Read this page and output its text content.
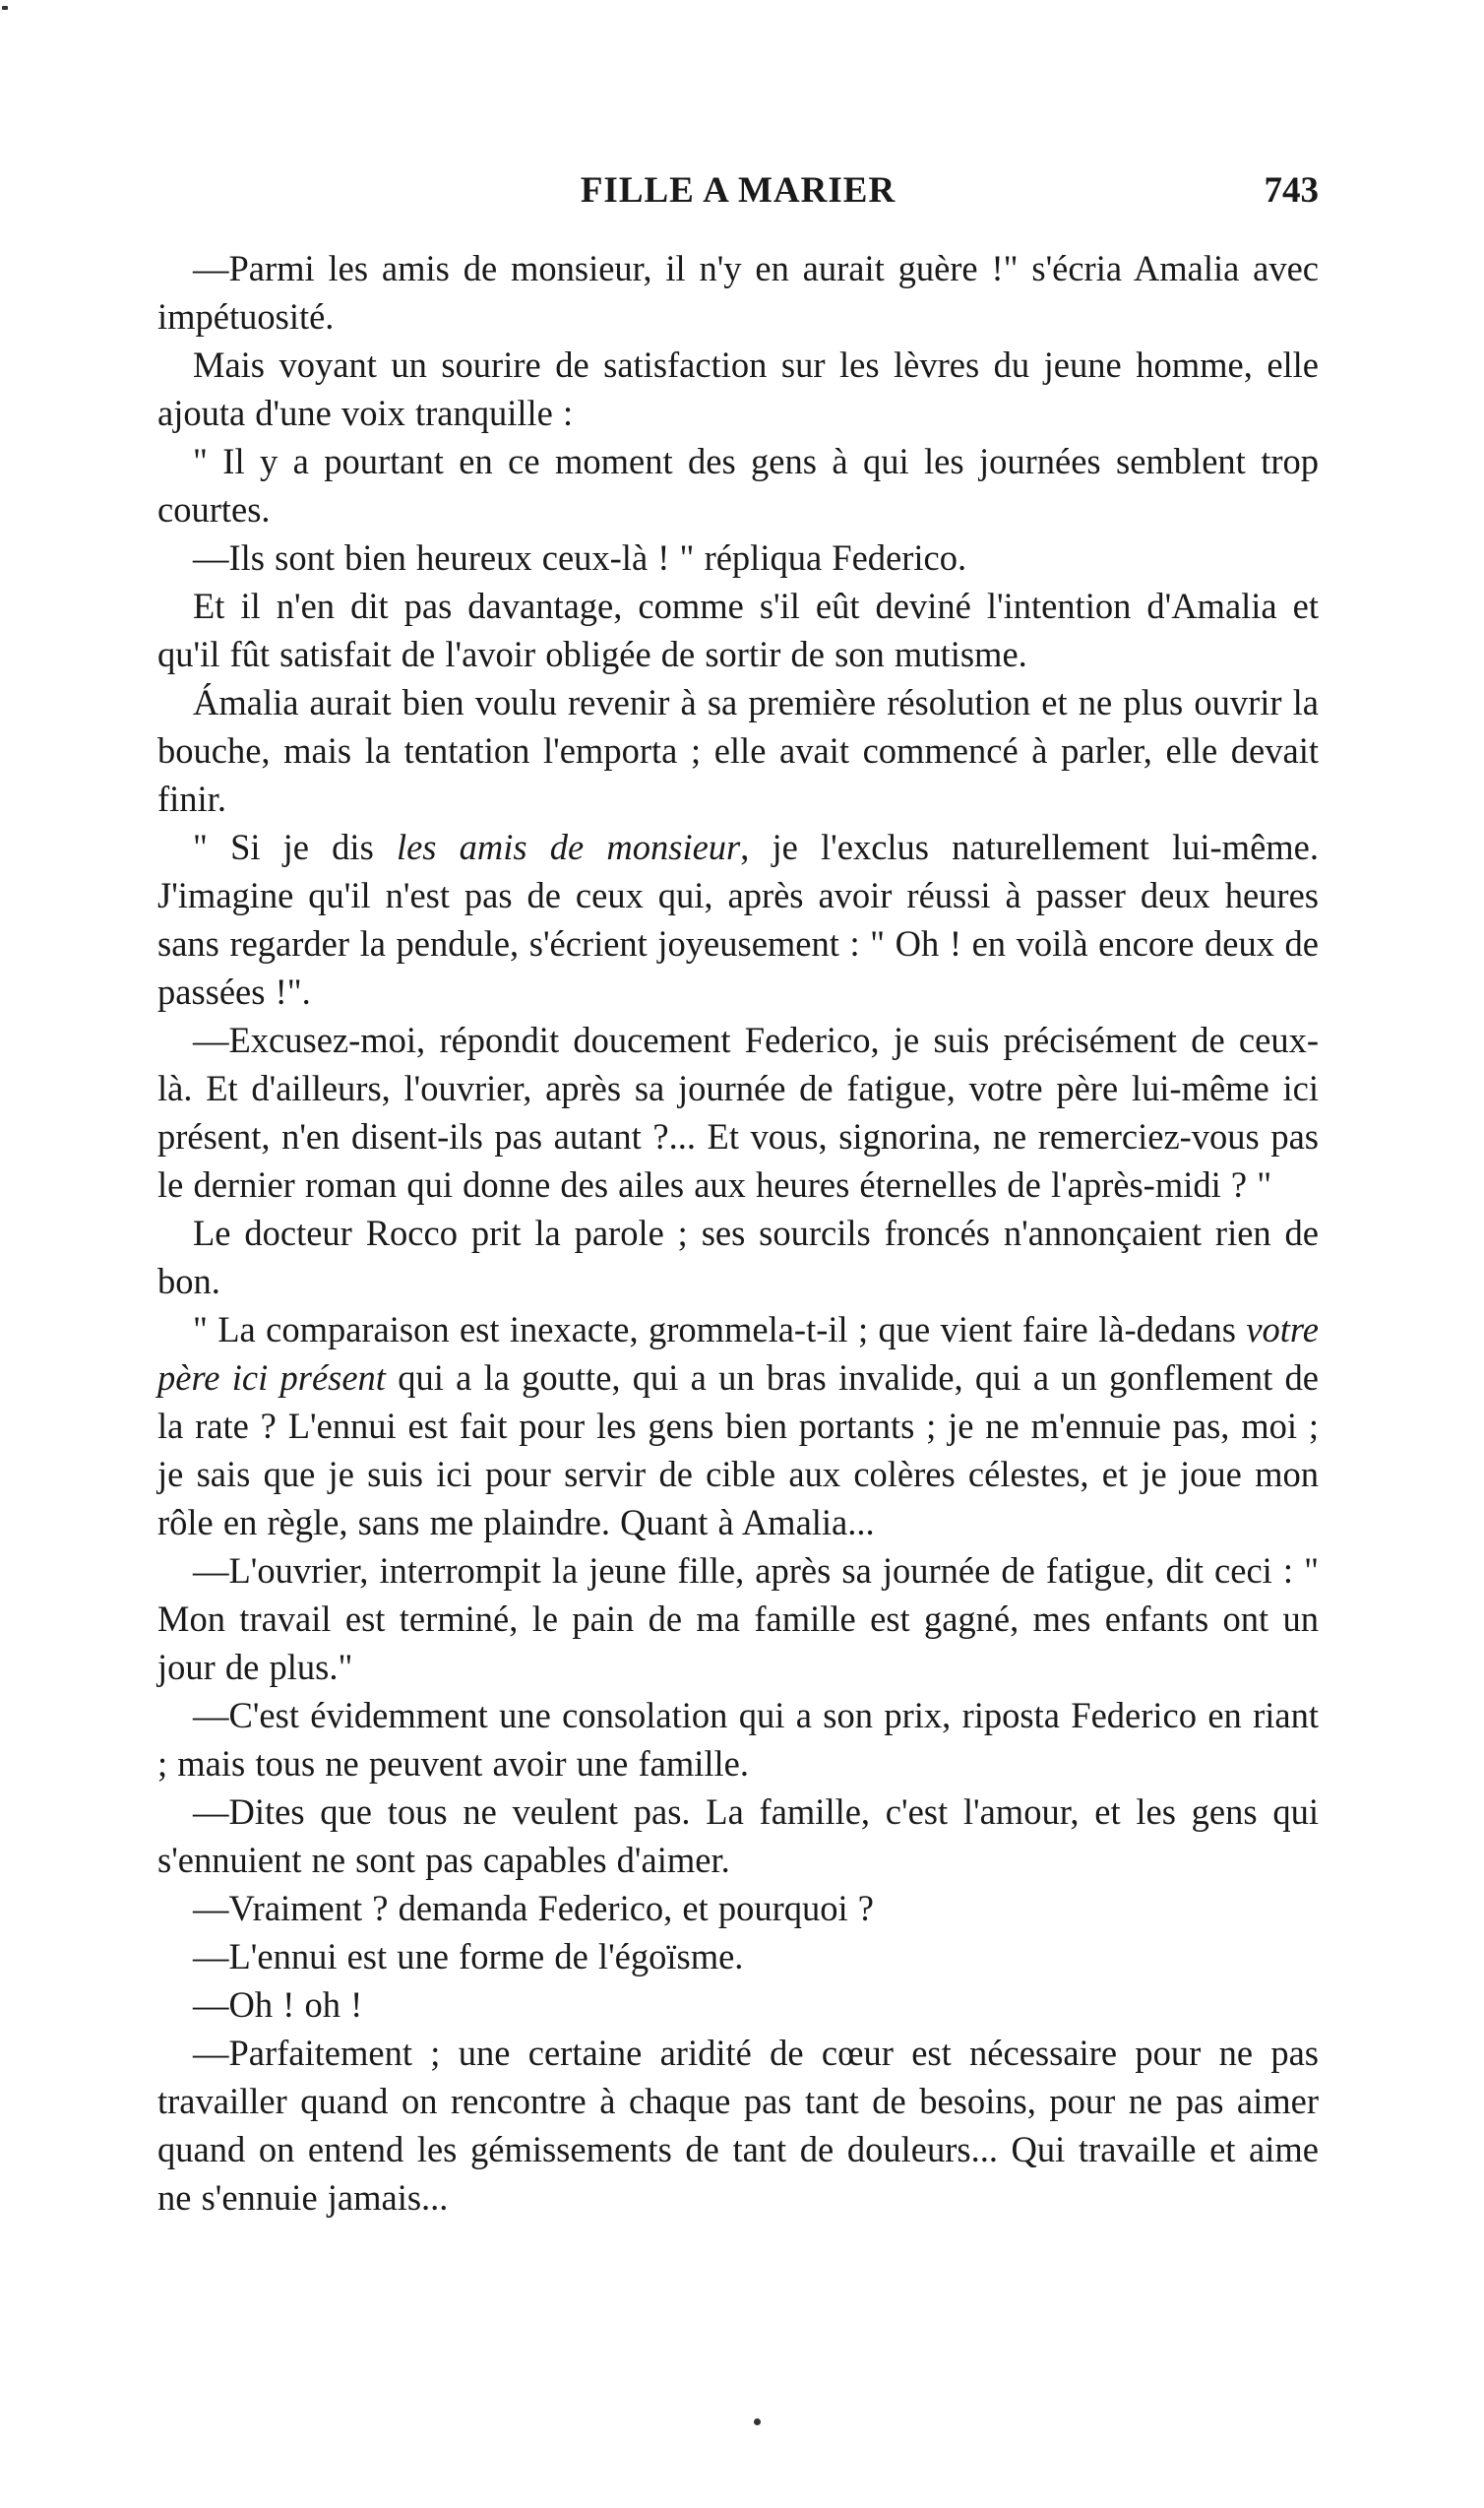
FILLE A MARIER	743

—Parmi les amis de monsieur, il n'y en aurait guère !" s'écria Amalia avec impétuosité.

Mais voyant un sourire de satisfaction sur les lèvres du jeune homme, elle ajouta d'une voix tranquille :

" Il y a pourtant en ce moment des gens à qui les journées semblent trop courtes.

—Ils sont bien heureux ceux-là ! " répliqua Federico.

Et il n'en dit pas davantage, comme s'il eût deviné l'intention d'Amalia et qu'il fût satisfait de l'avoir obligée de sortir de son mutisme.

Ámalia aurait bien voulu revenir à sa première résolution et ne plus ouvrir la bouche, mais la tentation l'emporta ; elle avait commencé à parler, elle devait finir.

" Si je dis les amis de monsieur, je l'exclus naturellement lui-même. J'imagine qu'il n'est pas de ceux qui, après avoir réussi à passer deux heures sans regarder la pendule, s'écrient joyeusement : " Oh ! en voilà encore deux de passées !".

—Excusez-moi, répondit doucement Federico, je suis précisément de ceux-là. Et d'ailleurs, l'ouvrier, après sa journée de fatigue, votre père lui-même ici présent, n'en disent-ils pas autant ?... Et vous, signorina, ne remerciez-vous pas le dernier roman qui donne des ailes aux heures éternelles de l'après-midi ? "

Le docteur Rocco prit la parole ; ses sourcils froncés n'annonçaient rien de bon.

" La comparaison est inexacte, grommela-t-il ; que vient faire là-dedans votre père ici présent qui a la goutte, qui a un bras invalide, qui a un gonflement de la rate ? L'ennui est fait pour les gens bien portants ; je ne m'ennuie pas, moi ; je sais que je suis ici pour servir de cible aux colères célestes, et je joue mon rôle en règle, sans me plaindre. Quant à Amalia...

—L'ouvrier, interrompit la jeune fille, après sa journée de fatigue, dit ceci : " Mon travail est terminé, le pain de ma famille est gagné, mes enfants ont un jour de plus."

—C'est évidemment une consolation qui a son prix, riposta Federico en riant ; mais tous ne peuvent avoir une famille.

—Dites que tous ne veulent pas. La famille, c'est l'amour, et les gens qui s'ennuient ne sont pas capables d'aimer.

—Vraiment ? demanda Federico, et pourquoi ?

—L'ennui est une forme de l'égoïsme.

—Oh ! oh !

—Parfaitement ; une certaine aridité de cœur est nécessaire pour ne pas travailler quand on rencontre à chaque pas tant de besoins, pour ne pas aimer quand on entend les gémissements de tant de douleurs... Qui travaille et aime ne s'ennuie jamais...
